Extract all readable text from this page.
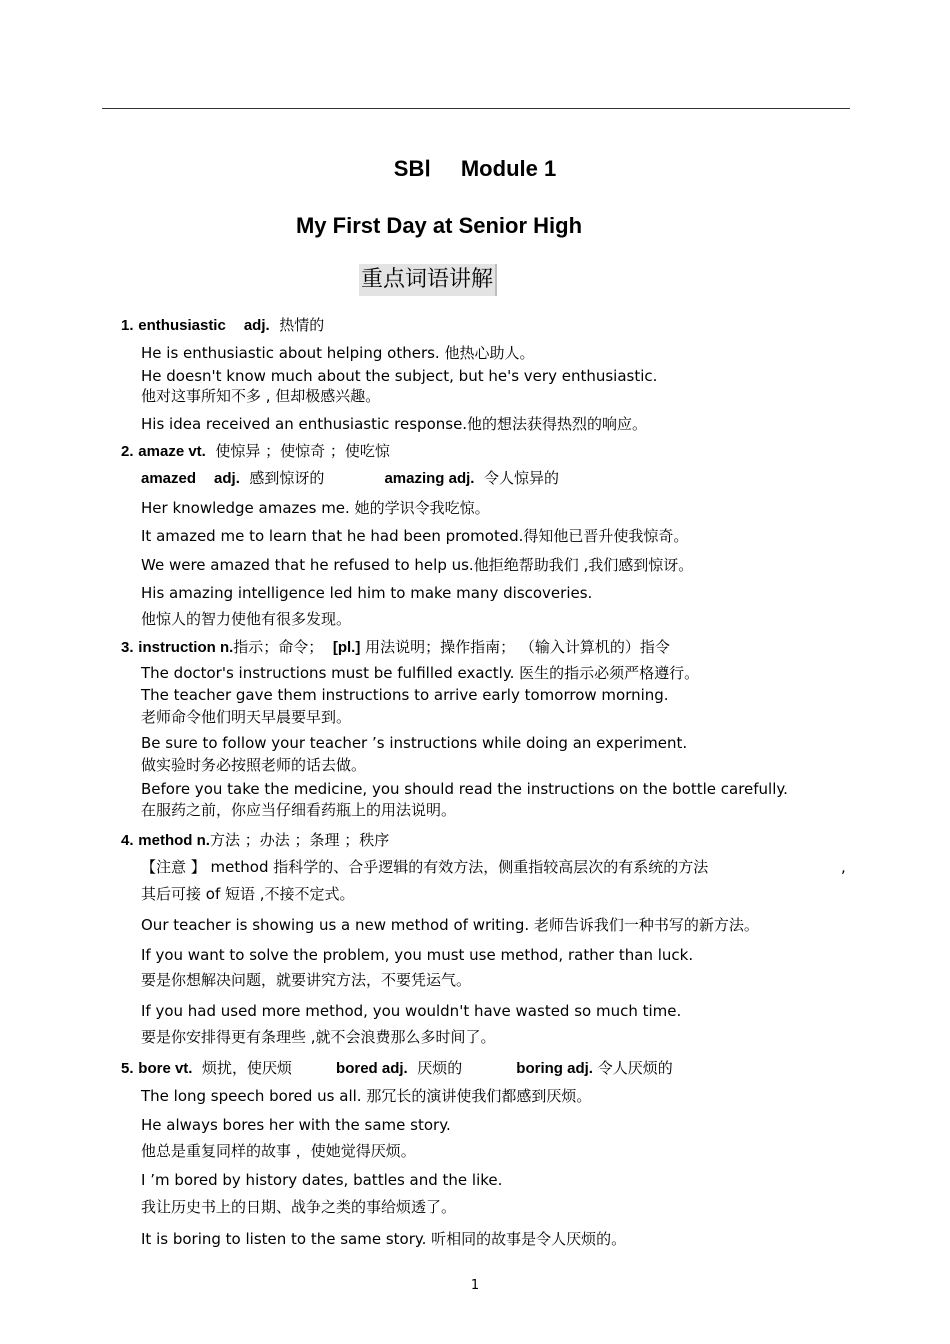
SBⅠ Module 1
My First Day at Senior High
重点词语讲解
1. enthusiastic adj. 热情的
He is enthusiastic about helping others. 他热心助人。
He doesn't know much about the subject, but he's very enthusiastic.
他对这事所知不多 , 但却极感兴趣。
His idea received an enthusiastic response.他的想法获得热烈的响应。
2. amaze vt. 使惊异 ；使惊奇 ；使吃惊
amazed adj. 感到惊讶的	amazing adj. 令人惊异的
Her knowledge amazes me. 她的学识令我吃惊。
It amazed me to learn that he had been promoted.得知他已晋升使我惊奇。
We were amazed that he refused to help us.他拒绝帮助我们 ,我们感到惊讶。
His amazing intelligence led him to make many discoveries.
他惊人的智力使他有很多发现。
3. instruction n.指示；命令； [pl.] 用法说明；操作指南； （输入计算机的）指令
The doctor's instructions must be fulfilled exactly. 医生的指示必须严格遵行。
The teacher gave them instructions to arrive early tomorrow morning.
老师命令他们明天早晨要早到。
Be sure to follow your teacher ’s instructions while doing an experiment.
做实验时务必按照老师的话去做。
Before you take the medicine, you should read the instructions on the bottle carefully.
在服药之前，你应当仔细看药瓶上的用法说明。
4. method n.方法 ；办法 ；条理 ；秩序
【注意 】 method 指科学的、合乎逻辑的有效方法，侧重指较高层次的有系统的方法	,
其后可接 of 短语 ,不接不定式。
Our teacher is showing us a new method of writing. 老师告诉我们一种书写的新方法。
If you want to solve the problem, you must use method, rather than luck.
要是你想解决问题，就要讲究方法，不要凭运气。
If you had used more method, you wouldn't have wasted so much time.
要是你安排得更有条理些 ,就不会浪费那么多时间了。
5. bore vt. 烦扰，使厌烦	bored adj. 厌烦的	boring adj. 令人厌烦的
The long speech bored us all. 那冗长的演讲使我们都感到厌烦。
He always bores her with the same story.
他总是重复同样的故事 ，使她觉得厌烦。
I ’m bored by history dates, battles and the like.
我让历史书上的日期、战争之类的事给烦透了。
It is boring to listen to the same story. 听相同的故事是令人厌烦的。
1
